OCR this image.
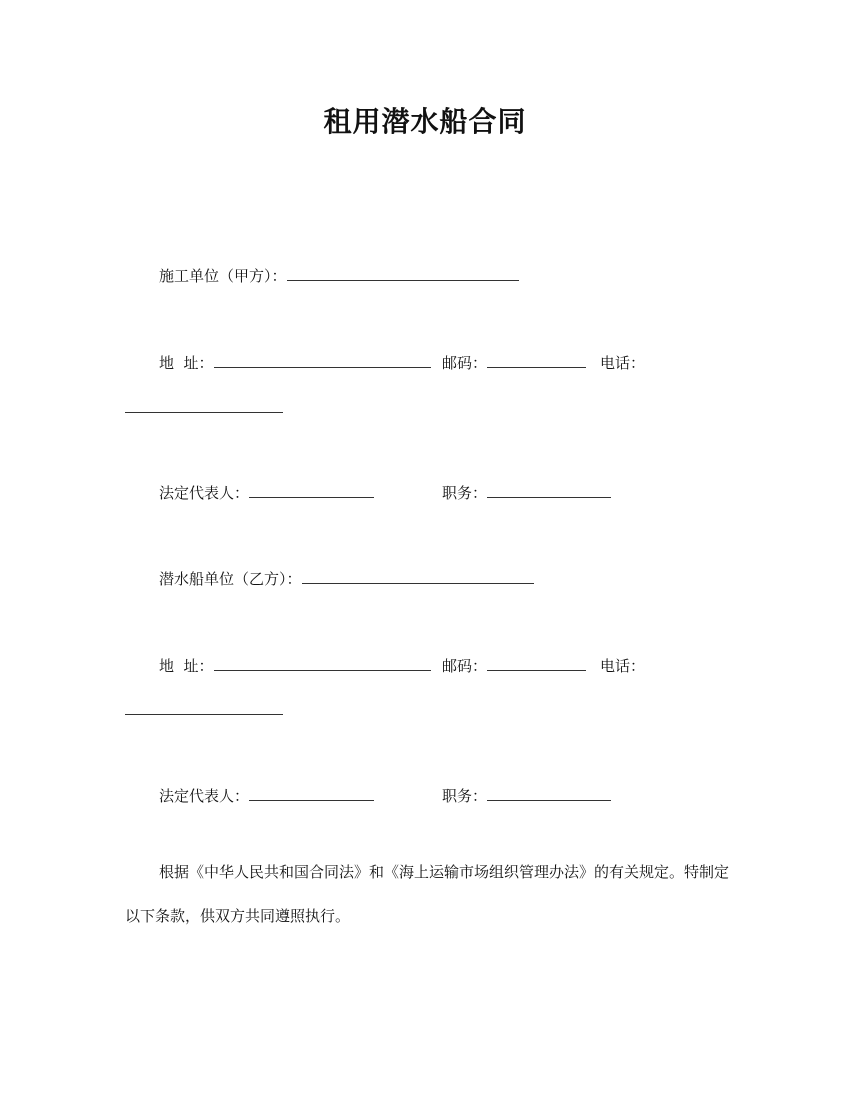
租用潜水船合同
施工单位（甲方）：
地  址：	邮码：	电话：
法定代表人：	职务：
潜水船单位（乙方）：
地  址：	邮码：	电话：
法定代表人：	职务：

根据《中华人民共和国合同法》和《海上运输市场组织管理办法》的有关规定。特制定以下条款，供双方共同遵照执行。
